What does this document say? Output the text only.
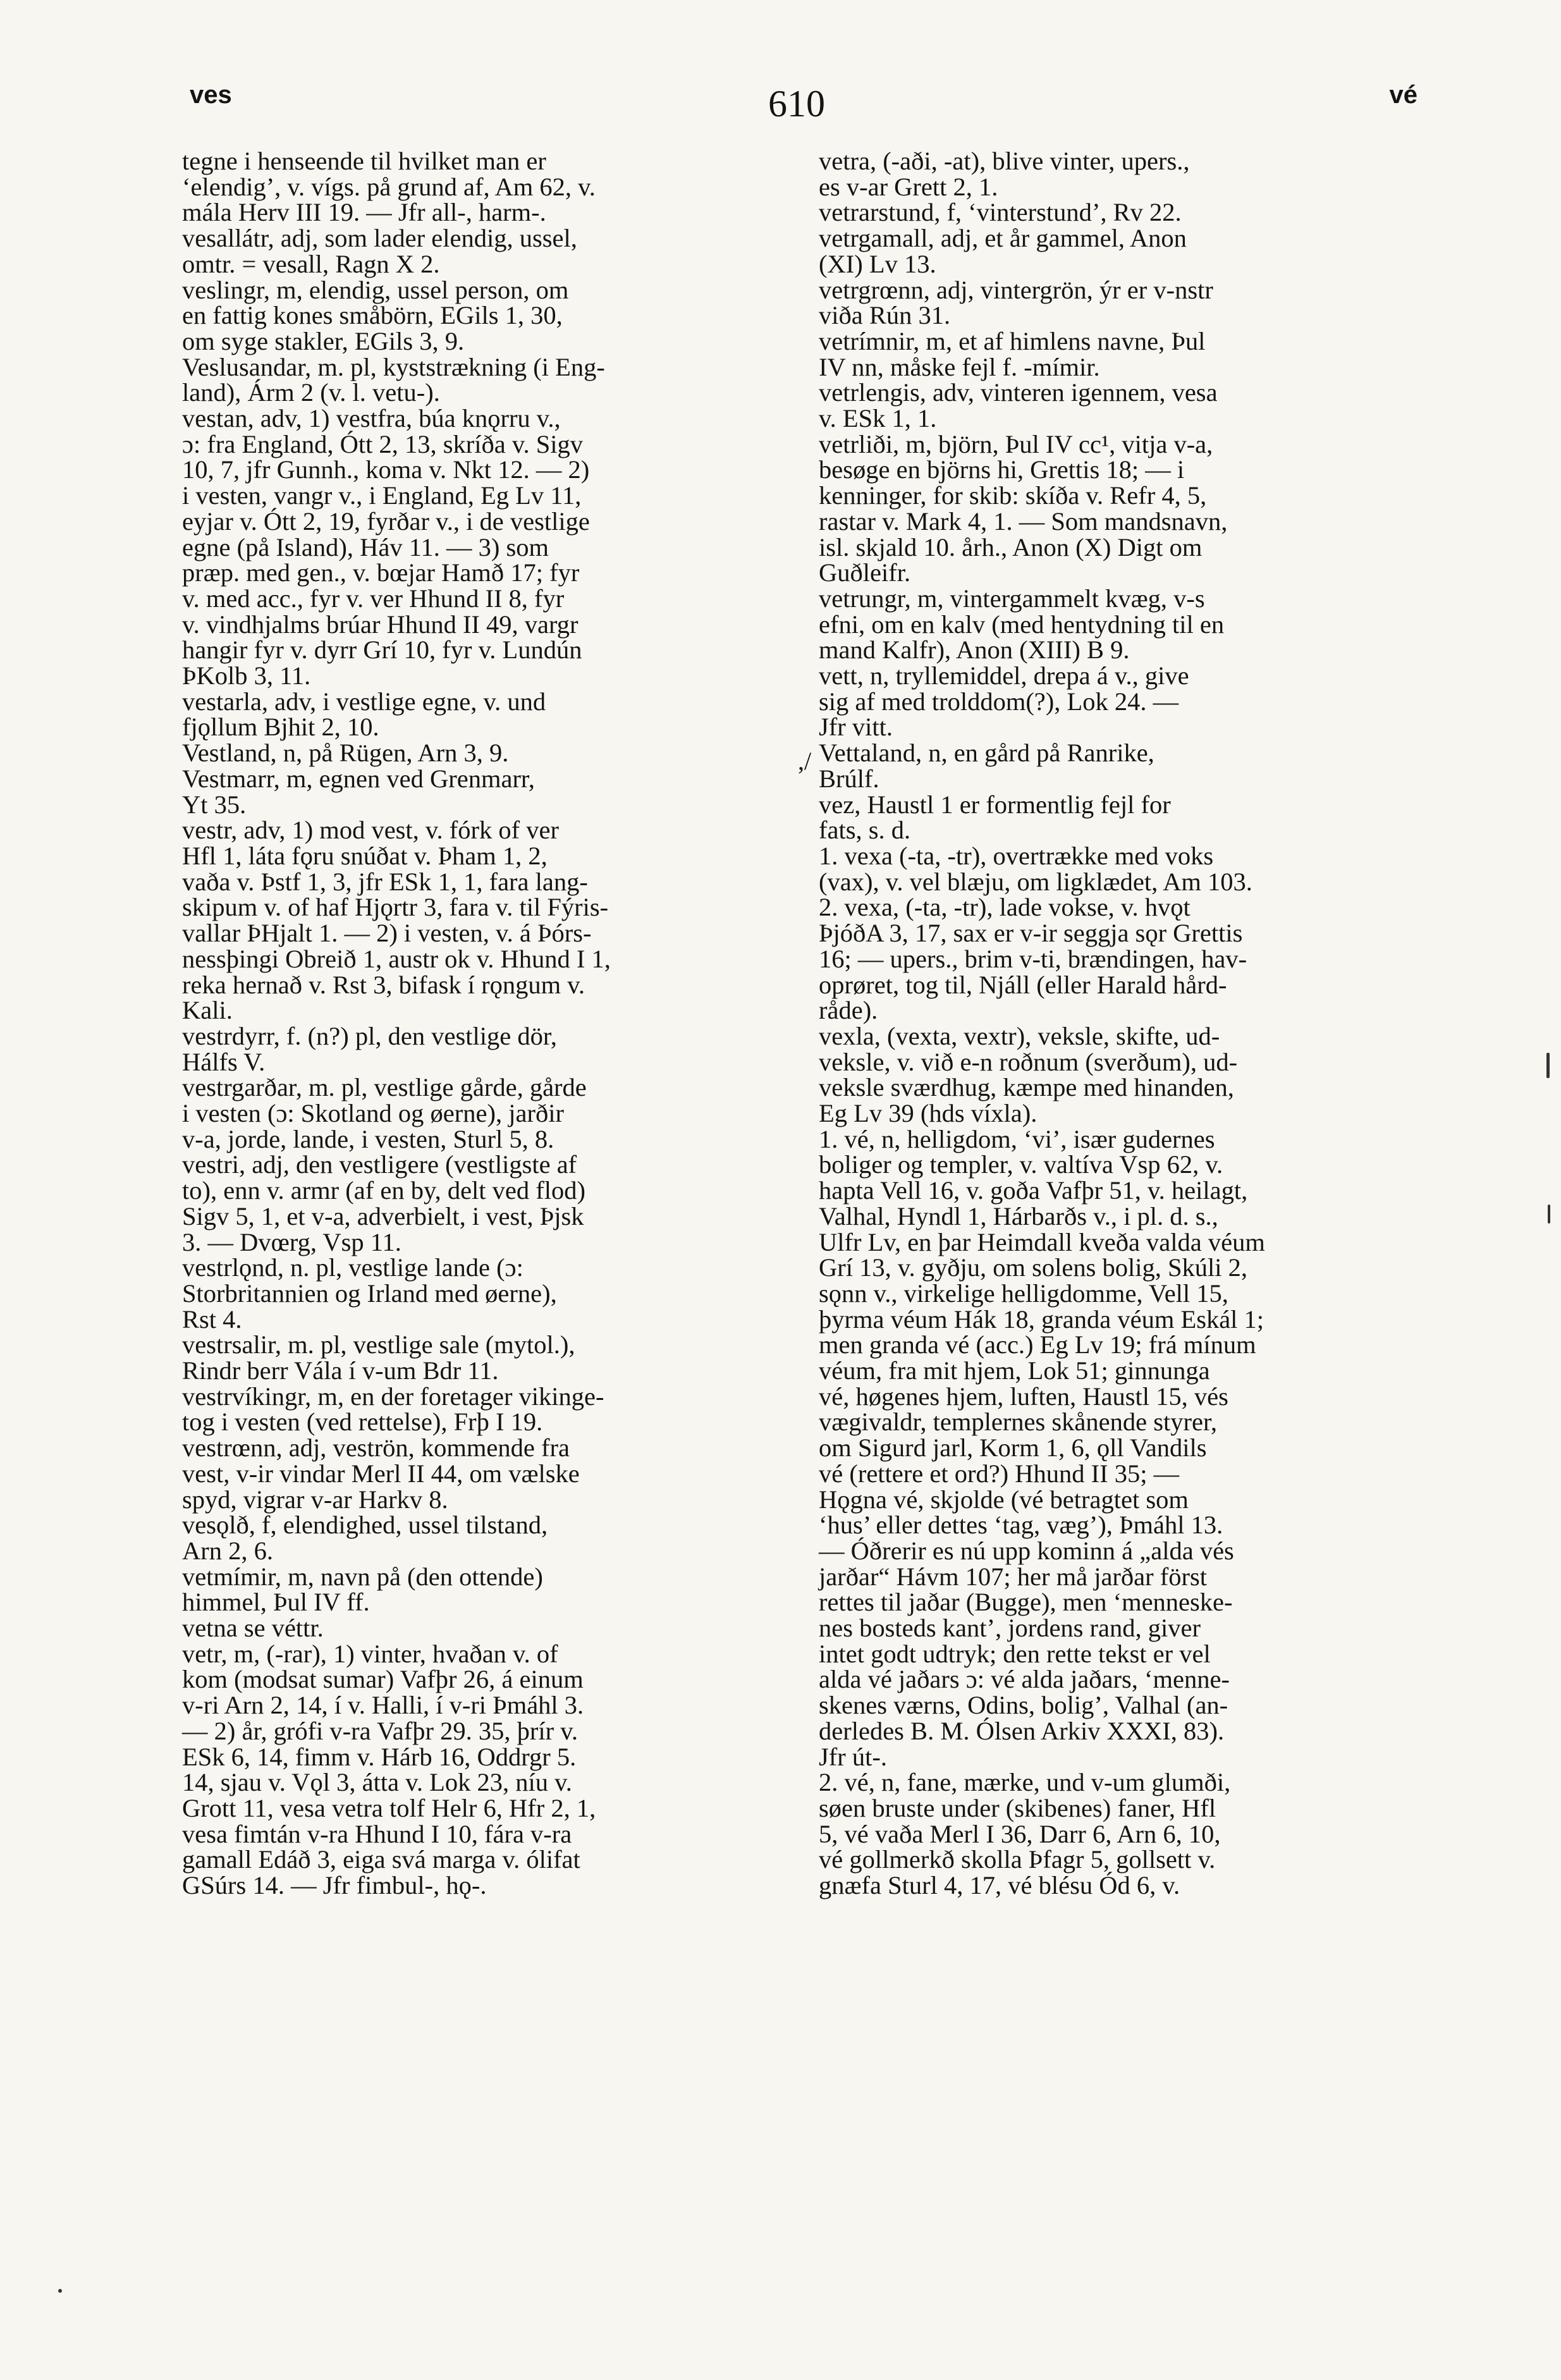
ves	610	vé

tegne i henseende til hvilket man er

‘elendig’, v. vígs. på grund af, Am 62, v.

mála Herv III 19. — Jfr all-, harm-.

vesallátr, adj, som lader elendig, ussel,

omtr. = vesall, Ragn X 2.

veslingr, m, elendig, ussel person, om

en fattig kones småbörn, EGils 1, 30,

om syge stakler, EGils 3, 9.

Veslusandar, m. pl, kyststrækning (i Eng-

land), Árm 2 (v. l. vetu-).

vestan, adv, 1) vestfra, búa knǫrru v.,

ɔ: fra England, Ótt 2, 13, skríða v. Sigv

10, 7, jfr Gunnh., koma v. Nkt 12. — 2)

i vesten, vangr v., i England, Eg Lv 11,

eyjar v. Ótt 2, 19, fyrðar v., i de vestlige

egne (på Island), Háv 11. — 3) som

præp. med gen., v. bœjar Hamð 17; fyr

v. med acc., fyr v. ver Hhund II 8, fyr

v. vindhjalms brúar Hhund II 49, vargr

hangir fyr v. dyrr Grí 10, fyr v. Lundún

ÞKolb 3, 11.

vestarla, adv, i vestlige egne, v. und

fjǫllum Bjhit 2, 10.

Vestland, n, på Rügen, Arn 3, 9.

Vestmarr, m, egnen ved Grenmarr,

Yt 35.

vestr, adv, 1) mod vest, v. fórk of ver

Hfl 1, láta fǫru snúðat v. Þham 1, 2,

vaða v. Þstf 1, 3, jfr ESk 1, 1, fara lang-

skipum v. of haf Hjǫrtr 3, fara v. til Fýris-

vallar ÞHjalt 1. — 2) i vesten, v. á Þórs-

nessþingi Obreið 1, austr ok v. Hhund I 1,

reka hernað v. Rst 3, bifask í rǫngum v.

Kali.

vestrdyrr, f. (n?) pl, den vestlige dör,

Hálfs V.

vestrgarðar, m. pl, vestlige gårde, gårde

i vesten (ɔ: Skotland og øerne), jarðir

v-a, jorde, lande, i vesten, Sturl 5, 8.

vestri, adj, den vestligere (vestligste af

to), enn v. armr (af en by, delt ved flod)

Sigv 5, 1, et v-a, adverbielt, i vest, Þjsk

3. — Dvœrg, Vsp 11.

vestrlǫnd, n. pl, vestlige lande (ɔ:

Storbritannien og Irland med øerne),

Rst 4.

vestrsalir, m. pl, vestlige sale (mytol.),

Rindr berr Vála í v-um Bdr 11.

vestrvíkingr, m, en der foretager vikinge-

tog i vesten (ved rettelse), Frþ I 19.

vestrœnn, adj, veströn, kommende fra

vest, v-ir vindar Merl II 44, om vælske

spyd, vigrar v-ar Harkv 8.

vesǫlð, f, elendighed, ussel tilstand,

Arn 2, 6.

vetmímir, m, navn på (den ottende)

himmel, Þul IV ff.

vetna se véttr.

vetr, m, (-rar), 1) vinter, hvaðan v. of

kom (modsat sumar) Vafþr 26, á einum

v-ri Arn 2, 14, í v. Halli, í v-ri Þmáhl 3.

— 2) år, grófi v-ra Vafþr 29. 35, þrír v.

ESk 6, 14, fimm v. Hárb 16, Oddrgr 5.

14, sjau v. Vǫl 3, átta v. Lok 23, níu v.

Grott 11, vesa vetra tolf Helr 6, Hfr 2, 1,

vesa fimtán v-ra Hhund I 10, fára v-ra

gamall Edáð 3, eiga svá marga v. ólifat

GSúrs 14. — Jfr fimbul-, hǫ-.

vetra, (-aði, -at), blive vinter, upers.,

es v-ar Grett 2, 1.

vetrarstund, f, ‘vinterstund’, Rv 22.

vetrgamall, adj, et år gammel, Anon

(XI) Lv 13.

vetrgrœnn, adj, vintergrön, ýr er v-nstr

viða Rún 31.

vetrímnir, m, et af himlens navne, Þul

IV nn, måske fejl f. -mímir.

vetrlengis, adv, vinteren igennem, vesa

v. ESk 1, 1.

vetrliði, m, björn, Þul IV cc¹, vitja v-a,

besøge en björns hi, Grettis 18; — i

kenninger, for skib: skíða v. Refr 4, 5,

rastar v. Mark 4, 1. — Som mandsnavn,

isl. skjald 10. årh., Anon (X) Digt om

Guðleifr.

vetrungr, m, vintergammelt kvæg, v-s

efni, om en kalv (med hentydning til en

mand Kalfr), Anon (XIII) B 9.

vett, n, tryllemiddel, drepa á v., give

sig af med trolddom(?), Lok 24. —

Jfr vitt.

Vettaland, n, en gård på Ranrike,

Brúlf.

vez, Haustl 1 er formentlig fejl for

fats, s. d.

1. vexa (-ta, -tr), overtrække med voks

(vax), v. vel blæju, om ligklædet, Am 103.

2. vexa, (-ta, -tr), lade vokse, v. hvǫt

ÞjóðA 3, 17, sax er v-ir seggja sǫr Grettis

16; — upers., brim v-ti, brændingen, hav-

oprøret, tog til, Njáll (eller Harald hård-

råde).

vexla, (vexta, vextr), veksle, skifte, ud-

veksle, v. við e-n roðnum (sverðum), ud-

veksle sværdhug, kæmpe med hinanden,

Eg Lv 39 (hds víxla).

1. vé, n, helligdom, ‘vi’, især gudernes

boliger og templer, v. valtíva Vsp 62, v.

hapta Vell 16, v. goða Vafþr 51, v. heilagt,

Valhal, Hyndl 1, Hárbarðs v., i pl. d. s.,

Ulfr Lv, en þar Heimdall kveða valda véum

Grí 13, v. gyðju, om solens bolig, Skúli 2,

sǫnn v., virkelige helligdomme, Vell 15,

þyrma véum Hák 18, granda véum Eskál 1;

men granda vé (acc.) Eg Lv 19; frá mínum

véum, fra mit hjem, Lok 51; ginnunga

vé, høgenes hjem, luften, Haustl 15, vés

vægivaldr, templernes skånende styrer,

om Sigurd jarl, Korm 1, 6, ǫll Vandils

vé (rettere et ord?) Hhund II 35; —

Hǫgna vé, skjolde (vé betragtet som

‘hus’ eller dettes ‘tag, væg’), Þmáhl 13.

— Óðrerir es nú upp kominn á „alda vés

jarðar“ Hávm 107; her må jarðar först

rettes til jaðar (Bugge), men ‘menneske-

nes bosteds kant’, jordens rand, giver

intet godt udtryk; den rette tekst er vel

alda vé jaðars ɔ: vé alda jaðars, ‘menne-

skenes værns, Odins, bolig’, Valhal (an-

derledes B. M. Ólsen Arkiv XXXI, 83).

Jfr út-.

2. vé, n, fane, mærke, und v-um glumði,

søen bruste under (skibenes) faner, Hfl

5, vé vaða Merl I 36, Darr 6, Arn 6, 10,

vé gollmerkð skolla Þfagr 5, gollsett v.

gnæfa Sturl 4, 17, vé blésu Ód 6, v.

,/
